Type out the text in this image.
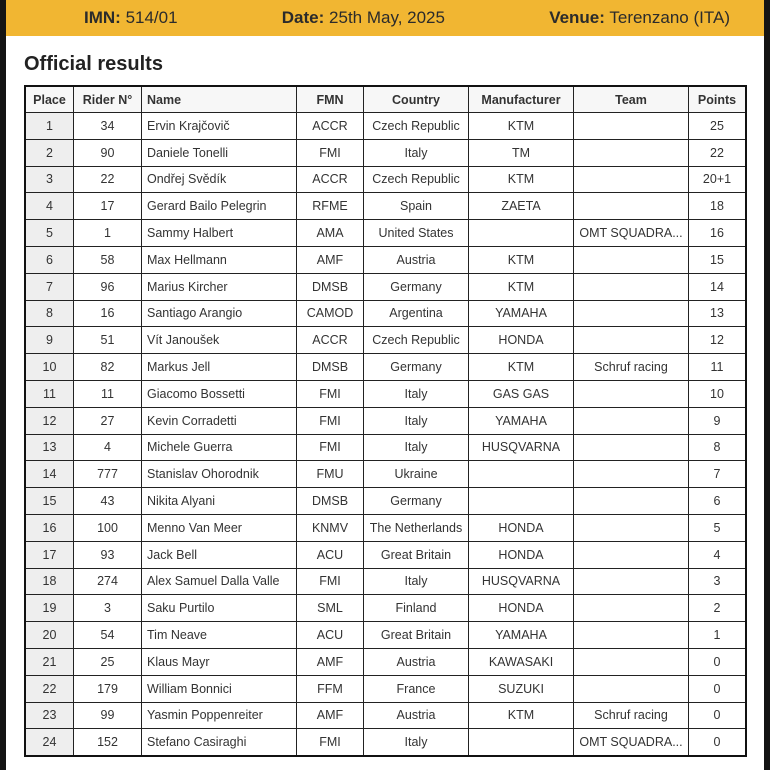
IMN: 514/01	Date: 25th May, 2025	Venue: Terenzano (ITA)
Official results
Place	Rider N°	Name	FMN	Country	Manufacturer	Team	Points
1	34	Ervin Krajčovič	ACCR	Czech Republic	KTM		25
2	90	Daniele Tonelli	FMI	Italy	TM		22
3	22	Ondřej Svědík	ACCR	Czech Republic	KTM		20+1
4	17	Gerard Bailo Pelegrin	RFME	Spain	ZAETA		18
5	1	Sammy Halbert	AMA	United States		OMT SQUADRA...	16
6	58	Max Hellmann	AMF	Austria	KTM		15
7	96	Marius Kircher	DMSB	Germany	KTM		14
8	16	Santiago Arangio	CAMOD	Argentina	YAMAHA		13
9	51	Vít Janoušek	ACCR	Czech Republic	HONDA		12
10	82	Markus Jell	DMSB	Germany	KTM	Schruf racing	11
11	11	Giacomo Bossetti	FMI	Italy	GAS GAS		10
12	27	Kevin Corradetti	FMI	Italy	YAMAHA		9
13	4	Michele Guerra	FMI	Italy	HUSQVARNA		8
14	777	Stanislav Ohorodnik	FMU	Ukraine			7
15	43	Nikita Alyani	DMSB	Germany			6
16	100	Menno Van Meer	KNMV	The Netherlands	HONDA		5
17	93	Jack Bell	ACU	Great Britain	HONDA		4
18	274	Alex Samuel Dalla Valle	FMI	Italy	HUSQVARNA		3
19	3	Saku Purtilo	SML	Finland	HONDA		2
20	54	Tim Neave	ACU	Great Britain	YAMAHA		1
21	25	Klaus Mayr	AMF	Austria	KAWASAKI		0
22	179	William Bonnici	FFM	France	SUZUKI		0
23	99	Yasmin Poppenreiter	AMF	Austria	KTM	Schruf racing	0
24	152	Stefano Casiraghi	FMI	Italy		OMT SQUADRA...	0
